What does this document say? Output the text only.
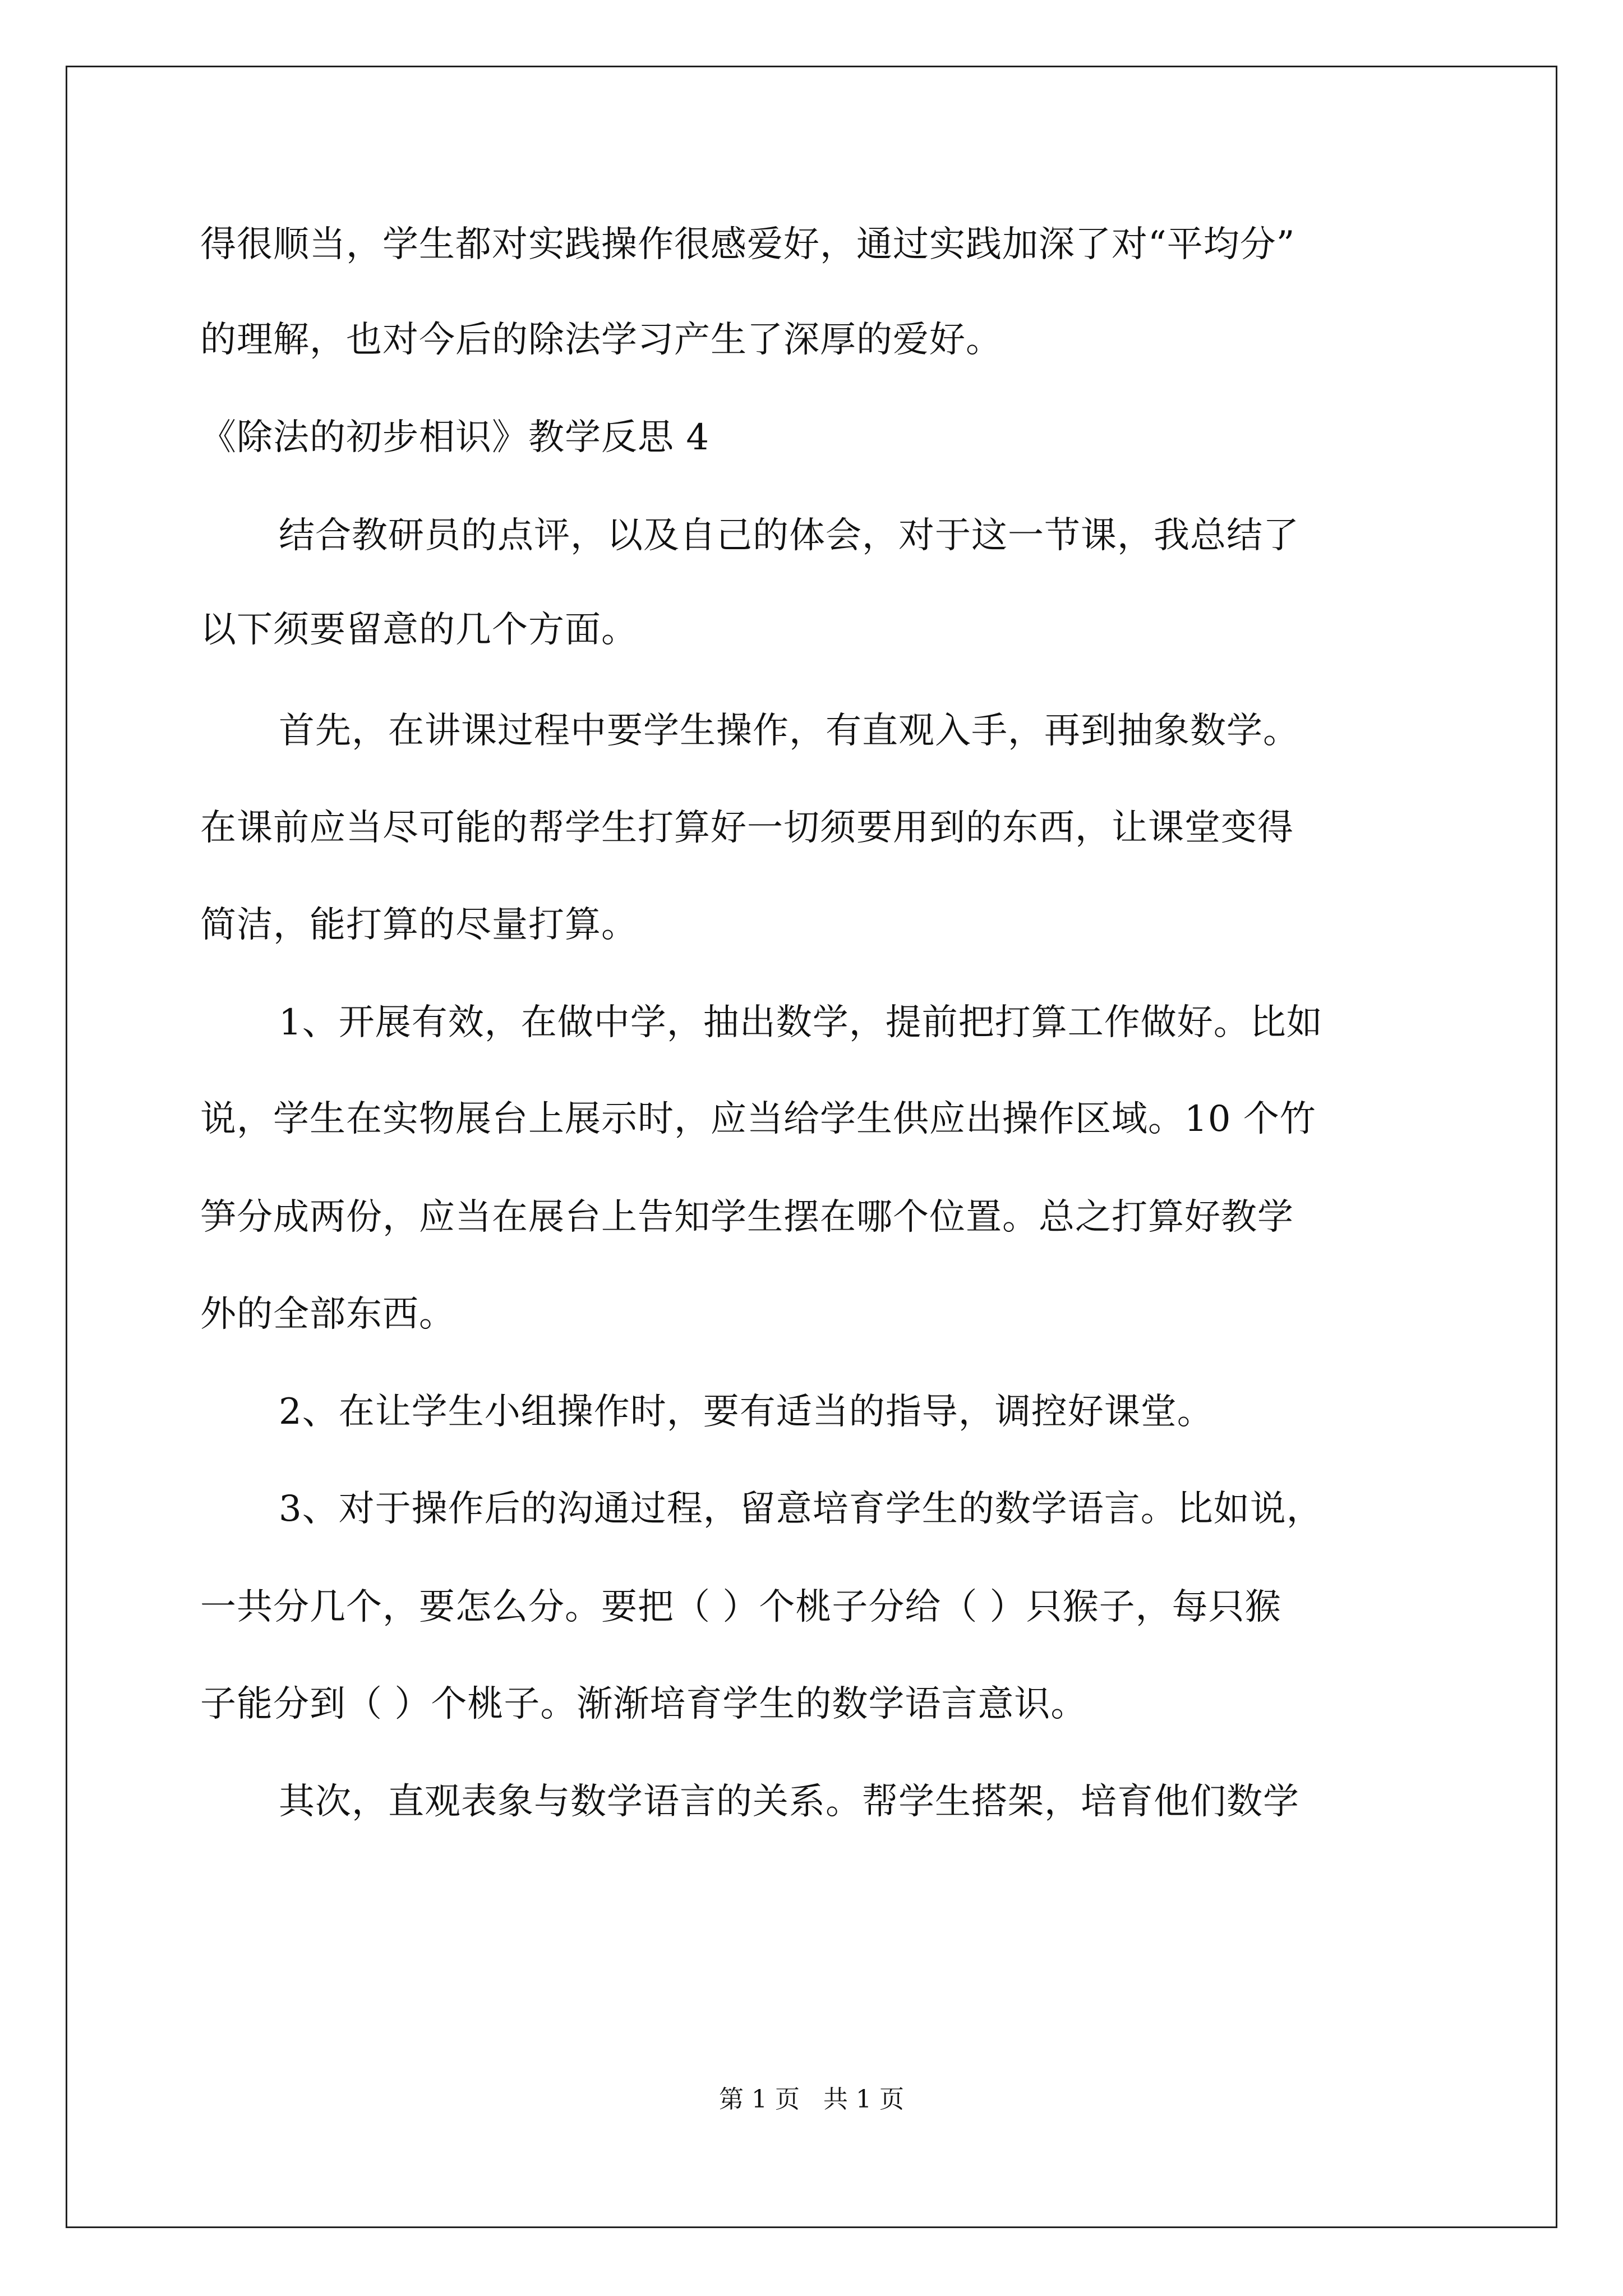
得很顺当，学生都对实践操作很感爱好，通过实践加深了对“平均分”
的理解，也对今后的除法学习产生了深厚的爱好。
《除法的初步相识》教学反思 4
结合教研员的点评，以及自己的体会，对于这一节课，我总结了
以下须要留意的几个方面。
首先，在讲课过程中要学生操作，有直观入手，再到抽象数学。
在课前应当尽可能的帮学生打算好一切须要用到的东西，让课堂变得
简洁，能打算的尽量打算。
1、开展有效，在做中学，抽出数学，提前把打算工作做好。比如
说，学生在实物展台上展示时，应当给学生供应出操作区域。10 个竹
笋分成两份，应当在展台上告知学生摆在哪个位置。总之打算好教学
外的全部东西。
2、在让学生小组操作时，要有适当的指导，调控好课堂。
3、对于操作后的沟通过程，留意培育学生的数学语言。比如说，
一共分几个，要怎么分。要把（ ）个桃子分给（ ）只猴子，每只猴
子能分到（ ）个桃子。渐渐培育学生的数学语言意识。
其次，直观表象与数学语言的关系。帮学生搭架，培育他们数学
第 1 页   共 1 页
